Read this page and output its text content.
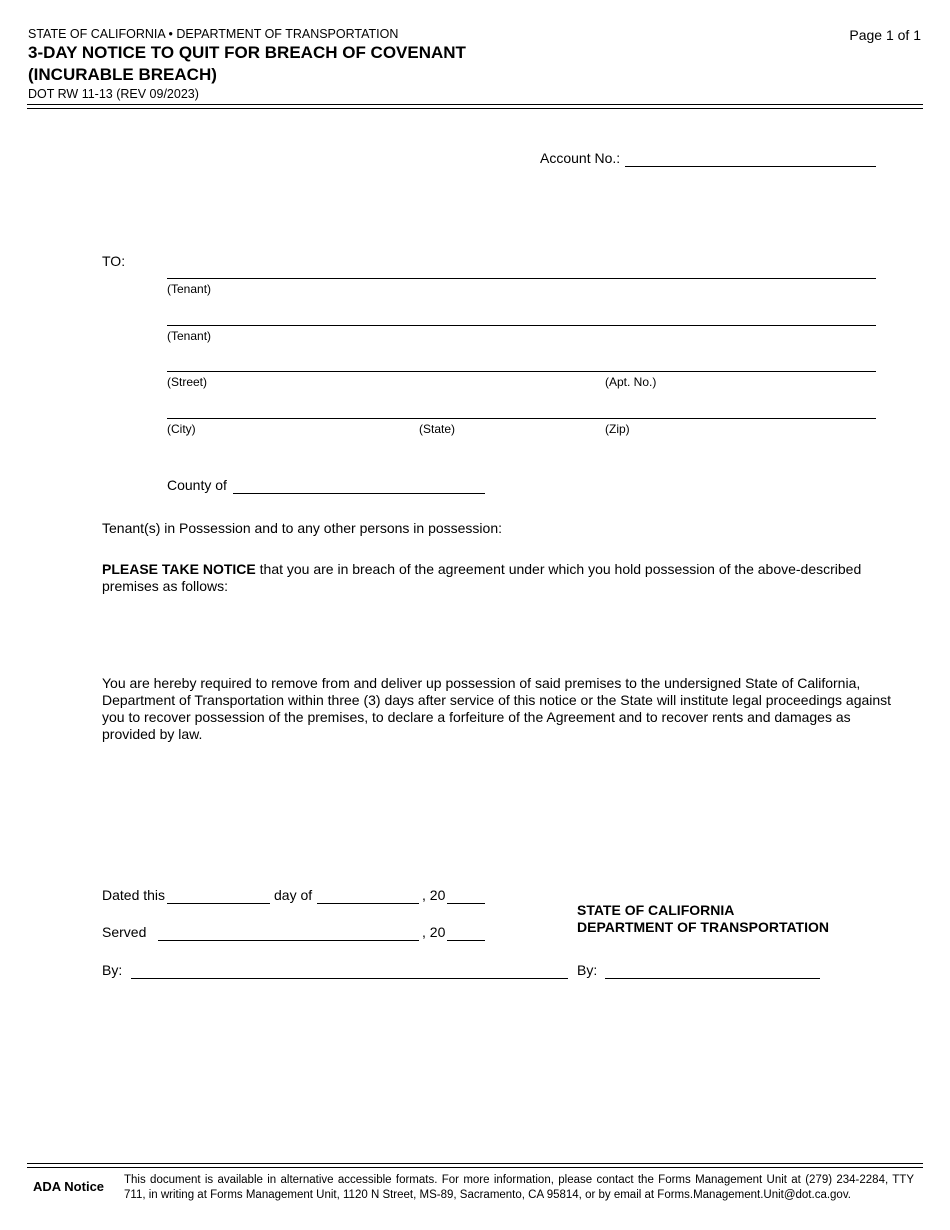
STATE OF CALIFORNIA • DEPARTMENT OF TRANSPORTATION
3-DAY NOTICE TO QUIT FOR BREACH OF COVENANT
(INCURABLE BREACH)
DOT RW 11-13 (REV 09/2023)
Page 1 of 1
Account No.:
TO:
(Tenant)
(Tenant)
(Street)	(Apt. No.)
(City)	(State)	(Zip)
County of
Tenant(s) in Possession and to any other persons in possession:
PLEASE TAKE NOTICE that you are in breach of the agreement under which you hold possession of the above-described premises as follows:
You are hereby required to remove from and deliver up possession of said premises to the undersigned State of California, Department of Transportation within three (3) days after service of this notice or the State will institute legal proceedings against you to recover possession of the premises, to declare a forfeiture of the Agreement and to recover rents and damages as provided by law.
Dated this	day of	, 20
Served	, 20
STATE OF CALIFORNIA
DEPARTMENT OF TRANSPORTATION
By:	By:
ADA Notice This document is available in alternative accessible formats. For more information, please contact the Forms Management Unit at (279) 234-2284, TTY 711, in writing at Forms Management Unit, 1120 N Street, MS-89, Sacramento, CA 95814, or by email at Forms.Management.Unit@dot.ca.gov.
